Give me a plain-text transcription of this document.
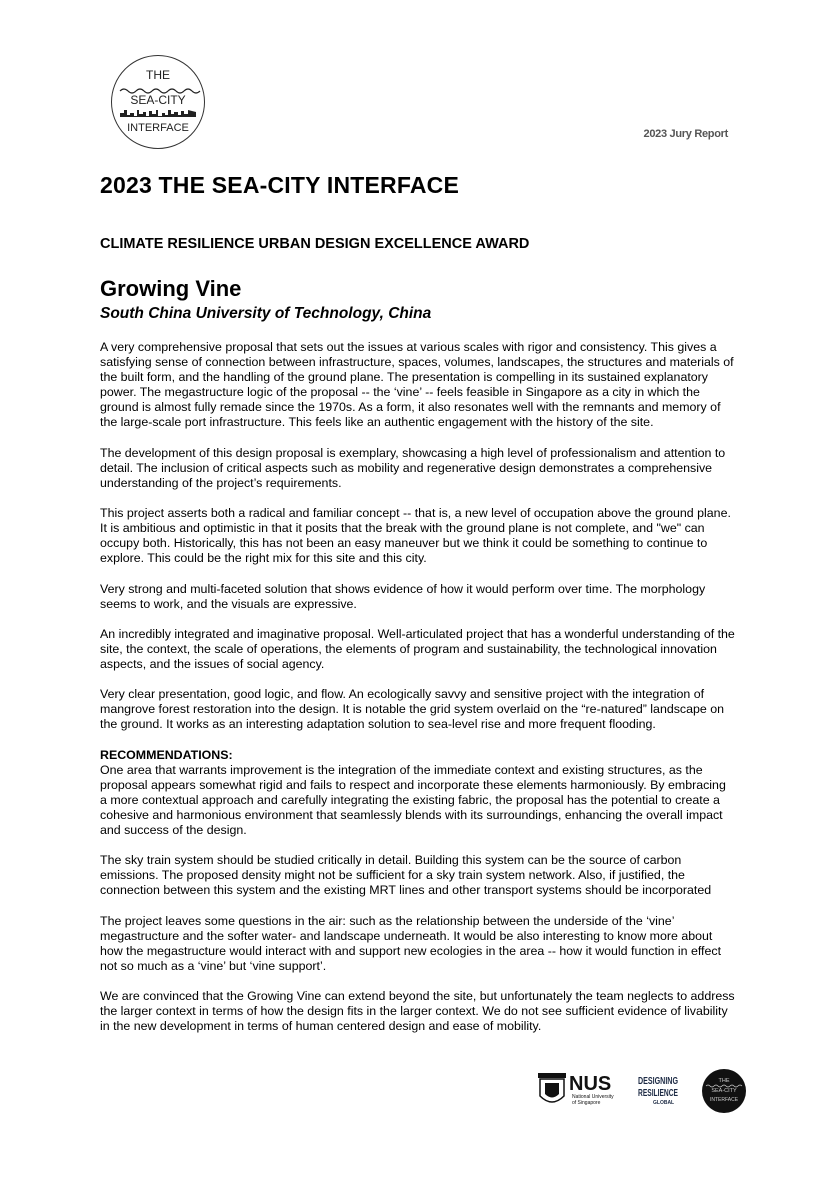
THE
SEA-CITY
INTERFACE	2023 Jury Report
2023 THE SEA-CITY INTERFACE
CLIMATE RESILIENCE URBAN DESIGN EXCELLENCE AWARD
Growing Vine
South China University of Technology, China

A very comprehensive proposal that sets out the issues at various scales with rigor and consistency. This gives a satisfying sense of connection between infrastructure, spaces, volumes, landscapes, the structures and materials of the built form, and the handling of the ground plane. The presentation is compelling in its sustained explanatory power. The megastructure logic of the proposal -- the ‘vine’ -- feels feasible in Singapore as a city in which the ground is almost fully remade since the 1970s. As a form, it also resonates well with the remnants and memory of the large-scale port infrastructure. This feels like an authentic engagement with the history of the site.

The development of this design proposal is exemplary, showcasing a high level of professionalism and attention to detail. The inclusion of critical aspects such as mobility and regenerative design demonstrates a comprehensive understanding of the project’s requirements.

This project asserts both a radical and familiar concept -- that is, a new level of occupation above the ground plane. It is ambitious and optimistic in that it posits that the break with the ground plane is not complete, and "we" can occupy both. Historically, this has not been an easy maneuver but we think it could be something to continue to explore. This could be the right mix for this site and this city.

Very strong and multi-faceted solution that shows evidence of how it would perform over time. The morphology seems to work, and the visuals are expressive.

An incredibly integrated and imaginative proposal. Well-articulated project that has a wonderful understanding of the site, the context, the scale of operations, the elements of program and sustainability, the technological innovation aspects, and the issues of social agency.

Very clear presentation, good logic, and flow. An ecologically savvy and sensitive project with the integration of mangrove forest restoration into the design. It is notable the grid system overlaid on the “re-natured” landscape on the ground. It works as an interesting adaptation solution to sea-level rise and more frequent flooding.

RECOMMENDATIONS:

One area that warrants improvement is the integration of the immediate context and existing structures, as the proposal appears somewhat rigid and fails to respect and incorporate these elements harmoniously. By embracing a more contextual approach and carefully integrating the existing fabric, the proposal has the potential to create a cohesive and harmonious environment that seamlessly blends with its surroundings, enhancing the overall impact and success of the design.

The sky train system should be studied critically in detail. Building this system can be the source of carbon emissions. The proposed density might not be sufficient for a sky train system network. Also, if justified, the connection between this system and the existing MRT lines and other transport systems should be incorporated

The project leaves some questions in the air: such as the relationship between the underside of the ‘vine’ megastructure and the softer water- and landscape underneath. It would be also interesting to know more about how the megastructure would interact with and support new ecologies in the area -- how it would function in effect not so much as a ‘vine’ but ‘vine support’.

We are convinced that the Growing Vine can extend beyond the site, but unfortunately the team neglects to address the larger context in terms of how the design fits in the larger context. We do not see sufficient evidence of livability in the new development in terms of human centered design and ease of mobility.

NUS
National University
of Singapore
DESIGNING
RESILIENCE
GLOBAL
THE
SEA-CITY
INTERFACE
